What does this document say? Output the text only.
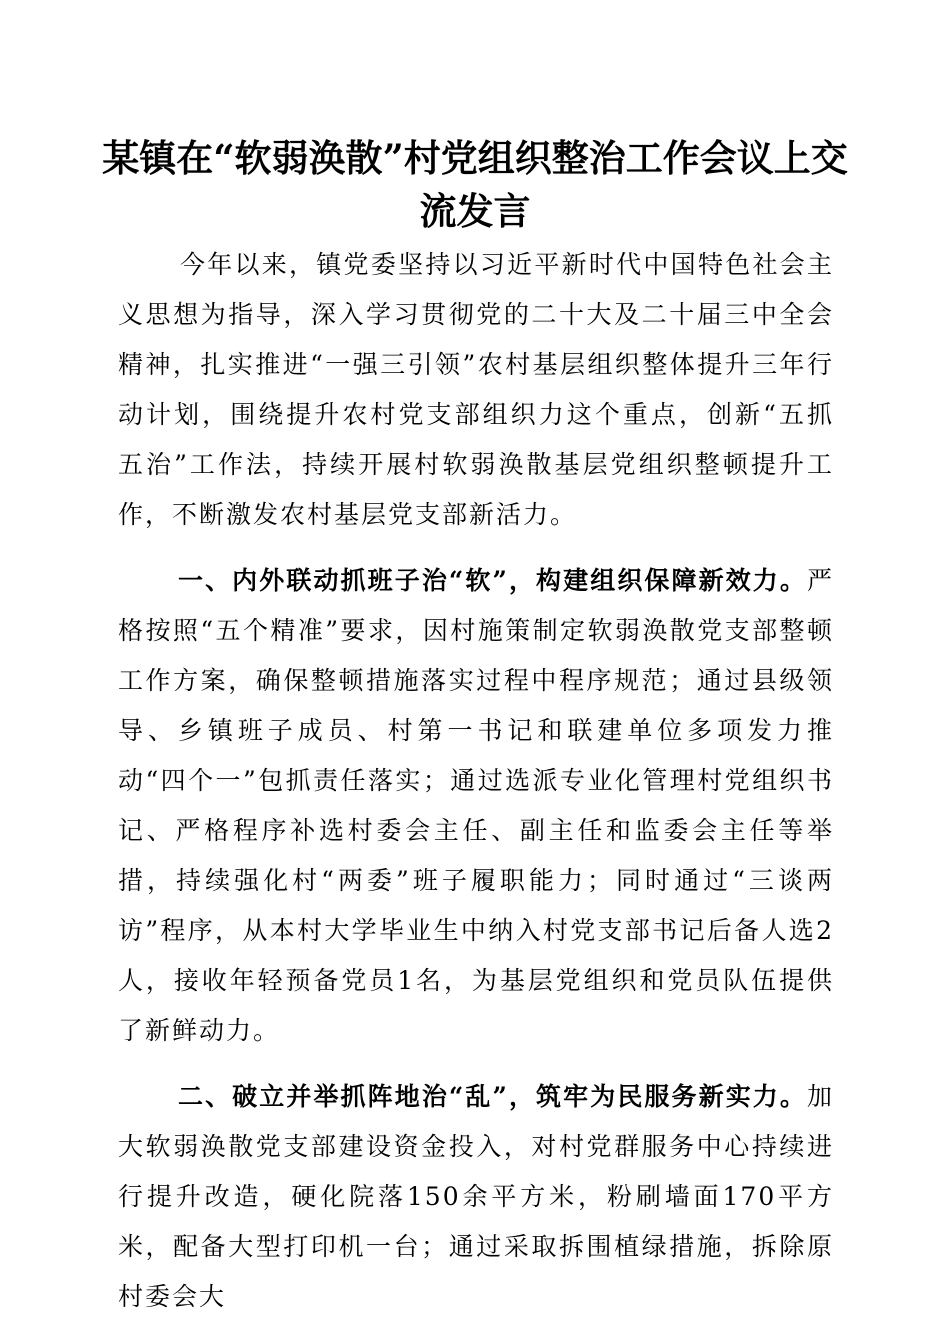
某镇在“软弱涣散”村党组织整治工作会议上交流发言

今年以来，镇党委坚持以习近平新时代中国特色社会主义思想为指导，深入学习贯彻党的二十大及二十届三中全会精神，扎实推进“一强三引领”农村基层组织整体提升三年行动计划，围绕提升农村党支部组织力这个重点，创新“五抓五治”工作法，持续开展村软弱涣散基层党组织整顿提升工作，不断激发农村基层党支部新活力。

一、内外联动抓班子治“软”，构建组织保障新效力。严格按照“五个精准”要求，因村施策制定软弱涣散党支部整顿工作方案，确保整顿措施落实过程中程序规范；通过县级领导、乡镇班子成员、村第一书记和联建单位多项发力推动“四个一”包抓责任落实；通过选派专业化管理村党组织书记、严格程序补选村委会主任、副主任和监委会主任等举措，持续强化村“两委”班子履职能力；同时通过“三谈两访”程序，从本村大学毕业生中纳入村党支部书记后备人选2人，接收年轻预备党员1名，为基层党组织和党员队伍提供了新鲜动力。

二、破立并举抓阵地治“乱”，筑牢为民服务新实力。加大软弱涣散党支部建设资金投入，对村党群服务中心持续进行提升改造，硬化院落150余平方米，粉刷墙面170平方米，配备大型打印机一台；通过采取拆围植绿措施，拆除原村委会大
